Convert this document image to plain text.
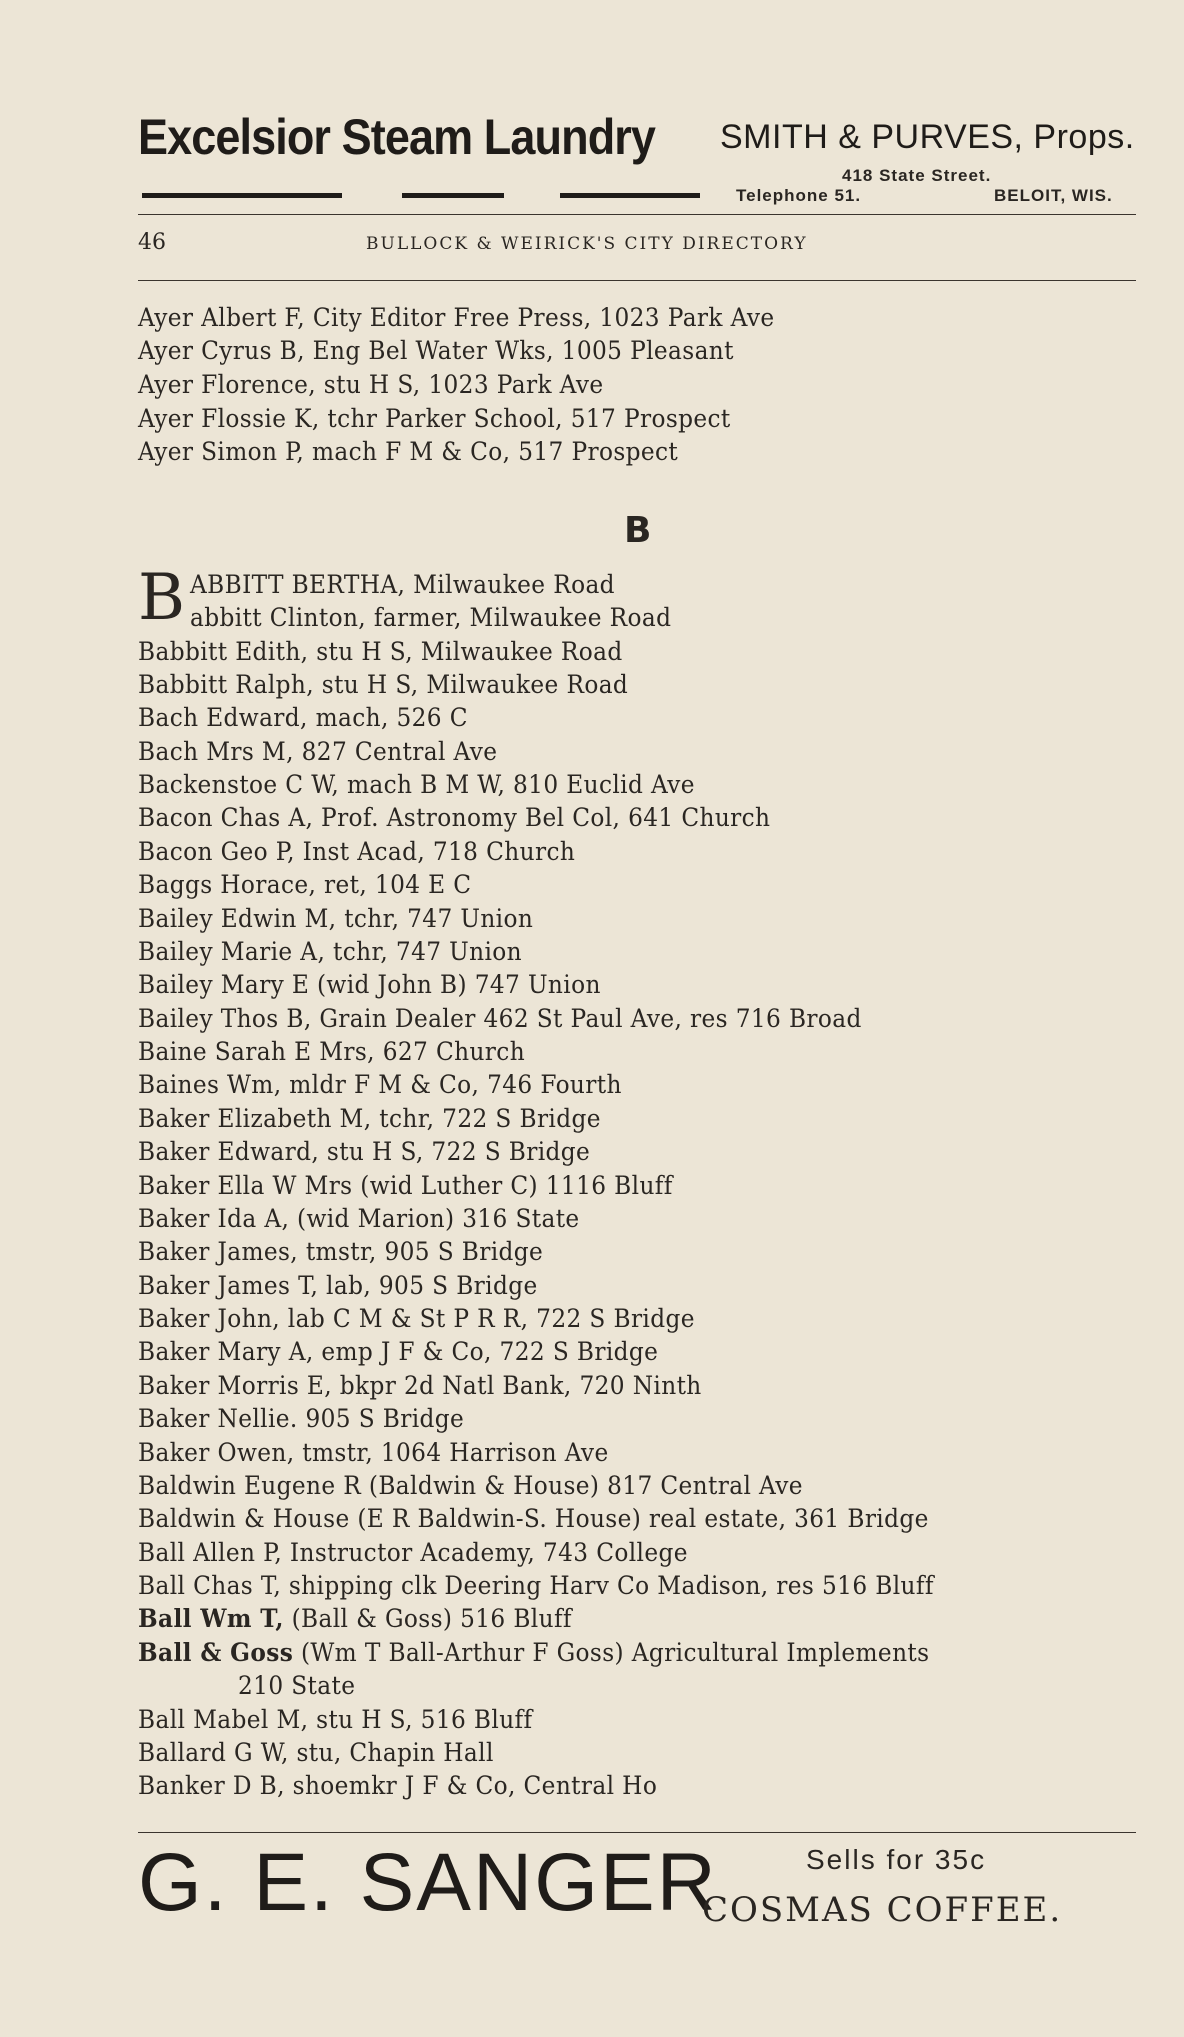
Excelsior Steam Laundry SMITH & PURVES, Props.
418 State Street.
Telephone 51.	BELOIT, WIS.
46	BULLOCK & WEIRICK'S CITY DIRECTORY
B
B
Ayer Albert F, City Editor Free Press, 1023 Park Ave
Ayer Cyrus B, Eng Bel Water Wks, 1005 Pleasant
Ayer Florence, stu H S, 1023 Park Ave
Ayer Flossie K, tchr Parker School, 517 Prospect
Ayer Simon P, mach F M & Co, 517 Prospect
ABBITT BERTHA, Milwaukee Road
abbitt Clinton, farmer, Milwaukee Road
Babbitt Edith, stu H S, Milwaukee Road
Babbitt Ralph, stu H S, Milwaukee Road
Bach Edward, mach, 526 C
Bach Mrs M, 827 Central Ave
Backenstoe C W, mach B M W, 810 Euclid Ave
Bacon Chas A, Prof. Astronomy Bel Col, 641 Church
Bacon Geo P, Inst Acad, 718 Church
Baggs Horace, ret, 104 E C
Bailey Edwin M, tchr, 747 Union
Bailey Marie A, tchr, 747 Union
Bailey Mary E (wid John B) 747 Union
Bailey Thos B, Grain Dealer 462 St Paul Ave, res 716 Broad
Baine Sarah E Mrs, 627 Church
Baines Wm, mldr F M & Co, 746 Fourth
Baker Elizabeth M, tchr, 722 S Bridge
Baker Edward, stu H S, 722 S Bridge
Baker Ella W Mrs (wid Luther C) 1116 Bluff
Baker Ida A, (wid Marion) 316 State
Baker James, tmstr, 905 S Bridge
Baker James T, lab, 905 S Bridge
Baker John, lab C M & St P R R, 722 S Bridge
Baker Mary A, emp J F & Co, 722 S Bridge
Baker Morris E, bkpr 2d Natl Bank, 720 Ninth
Baker Nellie. 905 S Bridge
Baker Owen, tmstr, 1064 Harrison Ave
Baldwin Eugene R (Baldwin & House) 817 Central Ave
Baldwin & House (E R Baldwin-S. House) real estate, 361 Bridge
Ball Allen P, Instructor Academy, 743 College
Ball Chas T, shipping clk Deering Harv Co Madison, res 516 Bluff
Ball Wm T, (Ball & Goss) 516 Bluff
Ball & Goss (Wm T Ball-Arthur F Goss) Agricultural Implements
210 State
Ball Mabel M, stu H S, 516 Bluff
Ballard G W, stu, Chapin Hall
Banker D B, shoemkr J F & Co, Central Ho
G. E. SANGER	Sells for 35c
COSMAS COFFEE.
